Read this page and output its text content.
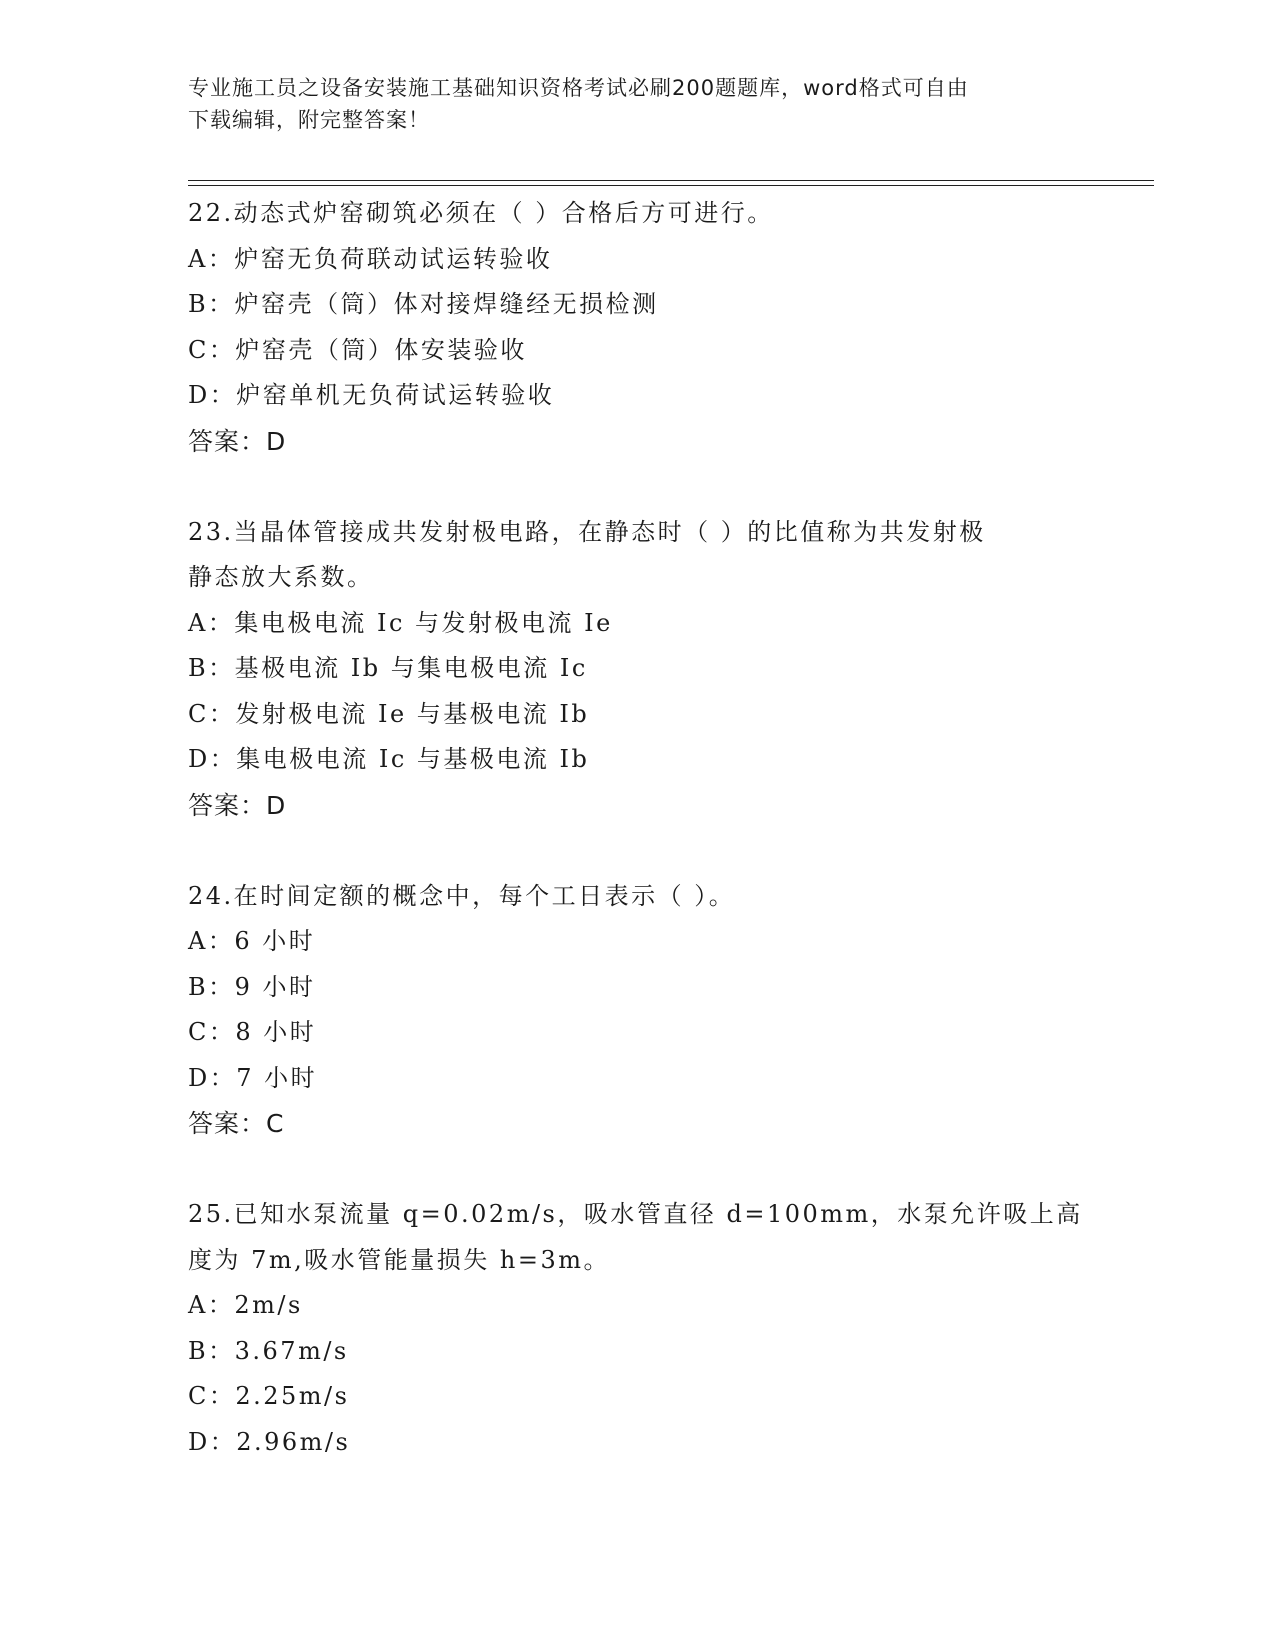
专业施工员之设备安装施工基础知识资格考试必刷200题题库，word格式可自由
下载编辑，附完整答案！
22.动态式炉窑砌筑必须在（ ）合格后方可进行。
A：炉窑无负荷联动试运转验收
B：炉窑壳（筒）体对接焊缝经无损检测
C：炉窑壳（筒）体安装验收
D：炉窑单机无负荷试运转验收
答案：D
23.当晶体管接成共发射极电路，在静态时（ ）的比值称为共发射极
静态放大系数。
A：集电极电流 Ic 与发射极电流 Ie
B：基极电流 Ib 与集电极电流 Ic
C：发射极电流 Ie 与基极电流 Ib
D：集电极电流 Ic 与基极电流 Ib
答案：D
24.在时间定额的概念中，每个工日表示（ ）。
A：6 小时
B：9 小时
C：8 小时
D：7 小时
答案：C
25.已知水泵流量 q=0.02m/s，吸水管直径 d=100mm，水泵允许吸上高
度为 7m,吸水管能量损失 h=3m。
A：2m/s
B：3.67m/s
C：2.25m/s
D：2.96m/s
